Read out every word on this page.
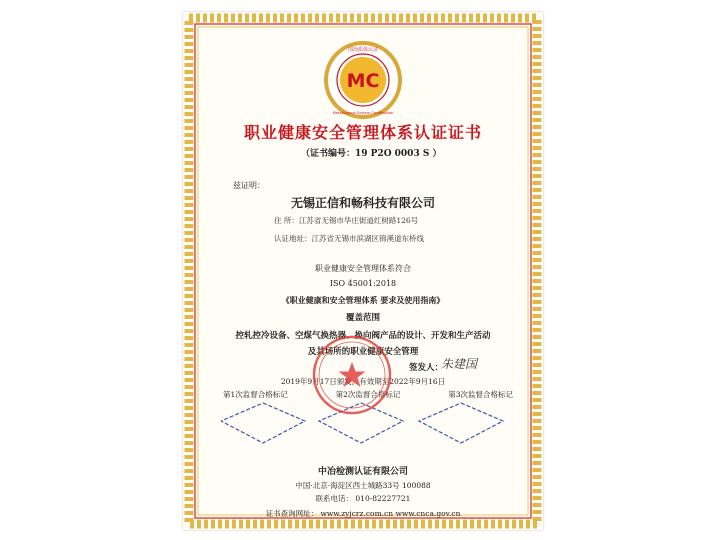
MC
国冶质体认证
Metallurgical System Certification
职业健康安全管理体系认证证书
（证书编号：19 P2O 0003 S ）
兹证明：
无锡正信和畅科技有限公司
住 所：江苏省无锡市华庄街道红树路126号
认证地址：江苏省无锡市滨湖区锦溪道东桥线
职业健康安全管理体系符合
ISO 45001:2018
《职业健康和安全管理体系 要求及使用指南》
覆盖范围
控轧控冷设备、空煤气换热器、换向阀产品的设计、开发和生产活动
及其场所的职业健康安全管理
签发人：
朱建国
2019年9月17日颁发，有效期至2022年9月16日
第1次监督合格标记	第2次监督合格标记	第3次监督合格标记
中冶检测认证有限公司
中国·北京·海淀区西土城路33号 100088
联系电话： 010-82227721
证书查询网址： www.zyjcrz.com.cn www.cnca.gov.cn
